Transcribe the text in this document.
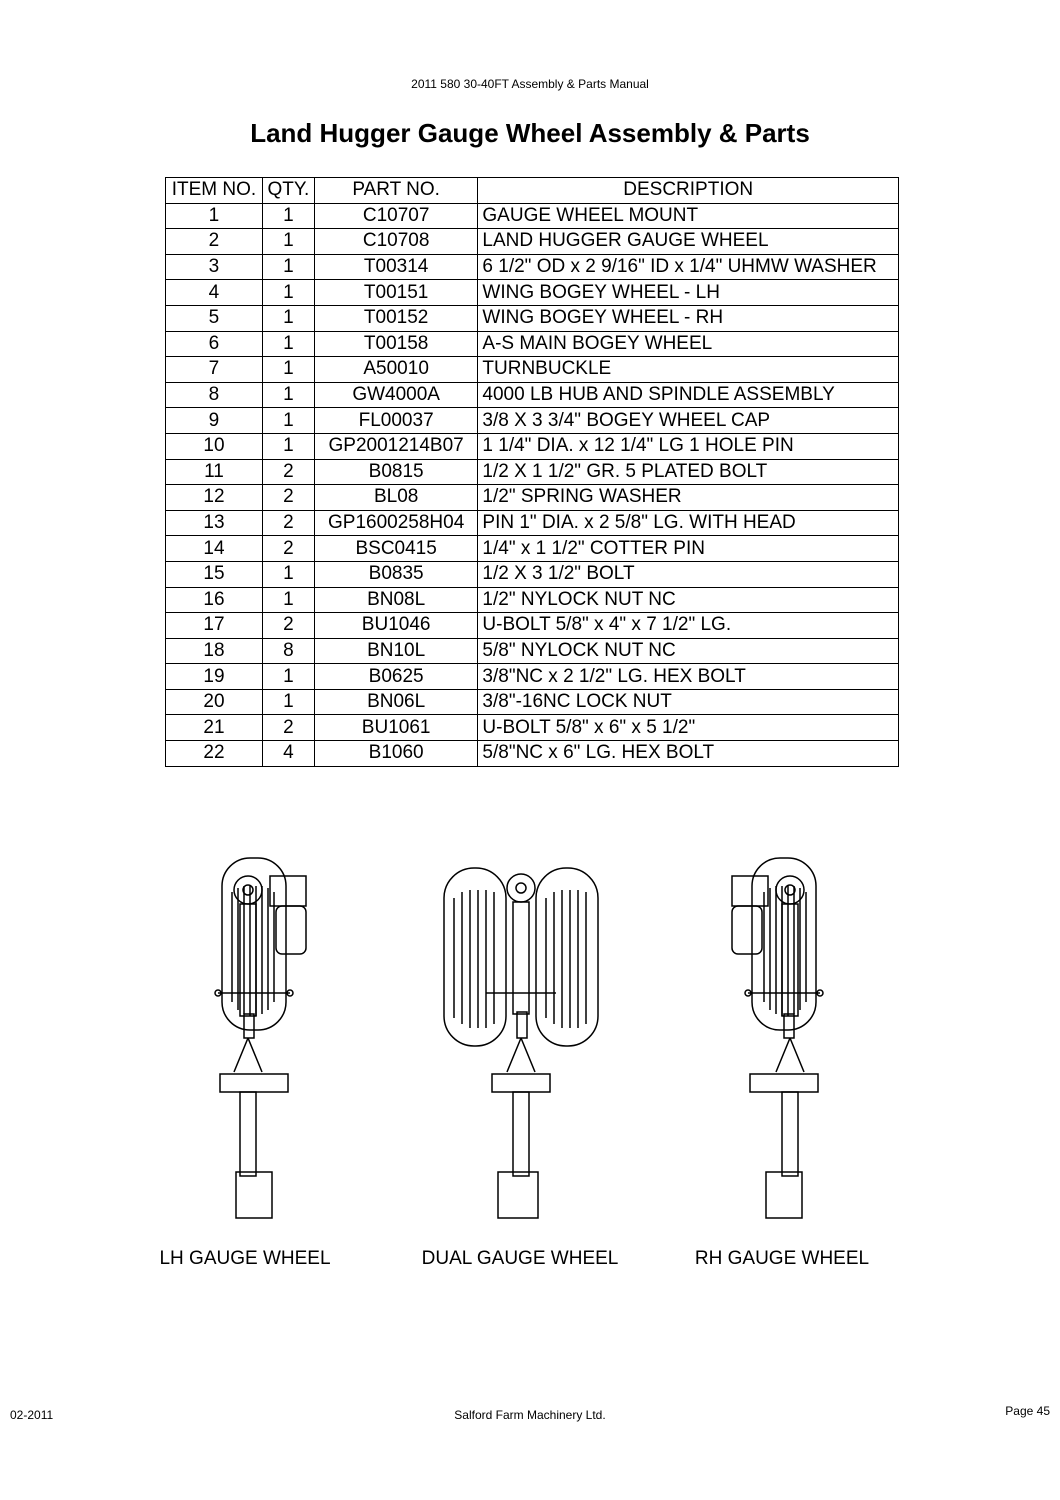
2011 580 30-40FT Assembly & Parts Manual
Land Hugger Gauge Wheel Assembly & Parts
ITEM NO.	QTY.	PART NO.	DESCRIPTION
1	1	C10707	GAUGE WHEEL MOUNT
2	1	C10708	LAND HUGGER GAUGE WHEEL
3	1	T00314	6 1/2" OD x 2 9/16" ID x 1/4" UHMW WASHER
4	1	T00151	WING BOGEY WHEEL - LH
5	1	T00152	WING BOGEY WHEEL - RH
6	1	T00158	A-S MAIN BOGEY WHEEL
7	1	A50010	TURNBUCKLE
8	1	GW4000A	4000 LB HUB AND SPINDLE ASSEMBLY
9	1	FL00037	3/8 X 3 3/4" BOGEY WHEEL CAP
10	1	GP2001214B07	1 1/4" DIA. x 12 1/4" LG 1 HOLE PIN
11	2	B0815	1/2 X 1 1/2" GR. 5 PLATED BOLT
12	2	BL08	1/2" SPRING WASHER
13	2	GP1600258H04	PIN 1" DIA. x 2 5/8" LG. WITH HEAD
14	2	BSC0415	1/4" x 1 1/2" COTTER PIN
15	1	B0835	1/2 X 3 1/2" BOLT
16	1	BN08L	1/2" NYLOCK NUT NC
17	2	BU1046	U-BOLT 5/8" x 4" x 7 1/2" LG.
18	8	BN10L	5/8" NYLOCK NUT NC
19	1	B0625	3/8"NC x 2 1/2" LG. HEX BOLT
20	1	BN06L	3/8"-16NC LOCK NUT
21	2	BU1061	U-BOLT 5/8" x 6" x 5 1/2"
22	4	B1060	5/8"NC x 6" LG. HEX BOLT
LH GAUGE WHEEL	DUAL GAUGE WHEEL	RH GAUGE WHEEL
02-2011	Salford Farm Machinery Ltd.	Page 45
